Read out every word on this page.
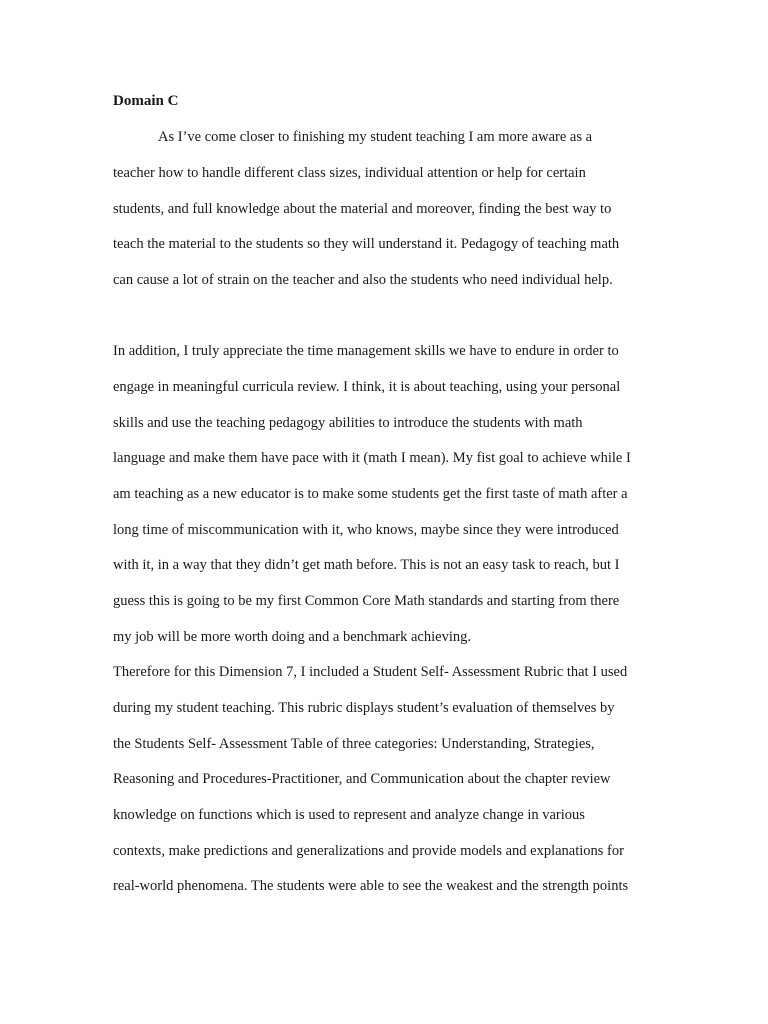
Domain C

As I’ve come closer to finishing my student teaching I am more aware as a

teacher how to handle different class sizes, individual attention or help for certain

students, and full knowledge about the material and moreover, finding the best way to

teach the material to the students so they will understand it. Pedagogy of teaching math

can cause a lot of strain on the teacher and also the students who need individual help.

In addition, I truly appreciate the time management skills we have to endure in order to

engage in meaningful curricula review. I think, it is about teaching, using your personal

skills and use the teaching pedagogy abilities to introduce the students with math

language and make them have pace with it (math I mean). My fist goal to achieve while I

am teaching as a new educator is to make some students get the first taste of math after a

long time of miscommunication with it, who knows, maybe since they were introduced

with it, in a way that they didn’t get math before. This is not an easy task to reach, but I

guess this is going to be my first Common Core Math standards and starting from there

my job will be more worth doing and a benchmark achieving.

Therefore for this Dimension 7, I included a Student Self- Assessment Rubric that I used

during my student teaching. This rubric displays student’s evaluation of themselves by

the Students Self- Assessment Table of three categories: Understanding, Strategies,

Reasoning and Procedures-Practitioner, and Communication about the chapter review

knowledge on functions which is used to represent and analyze change in various

contexts, make predictions and generalizations and provide models and explanations for

real-world phenomena. The students were able to see the weakest and the strength points
